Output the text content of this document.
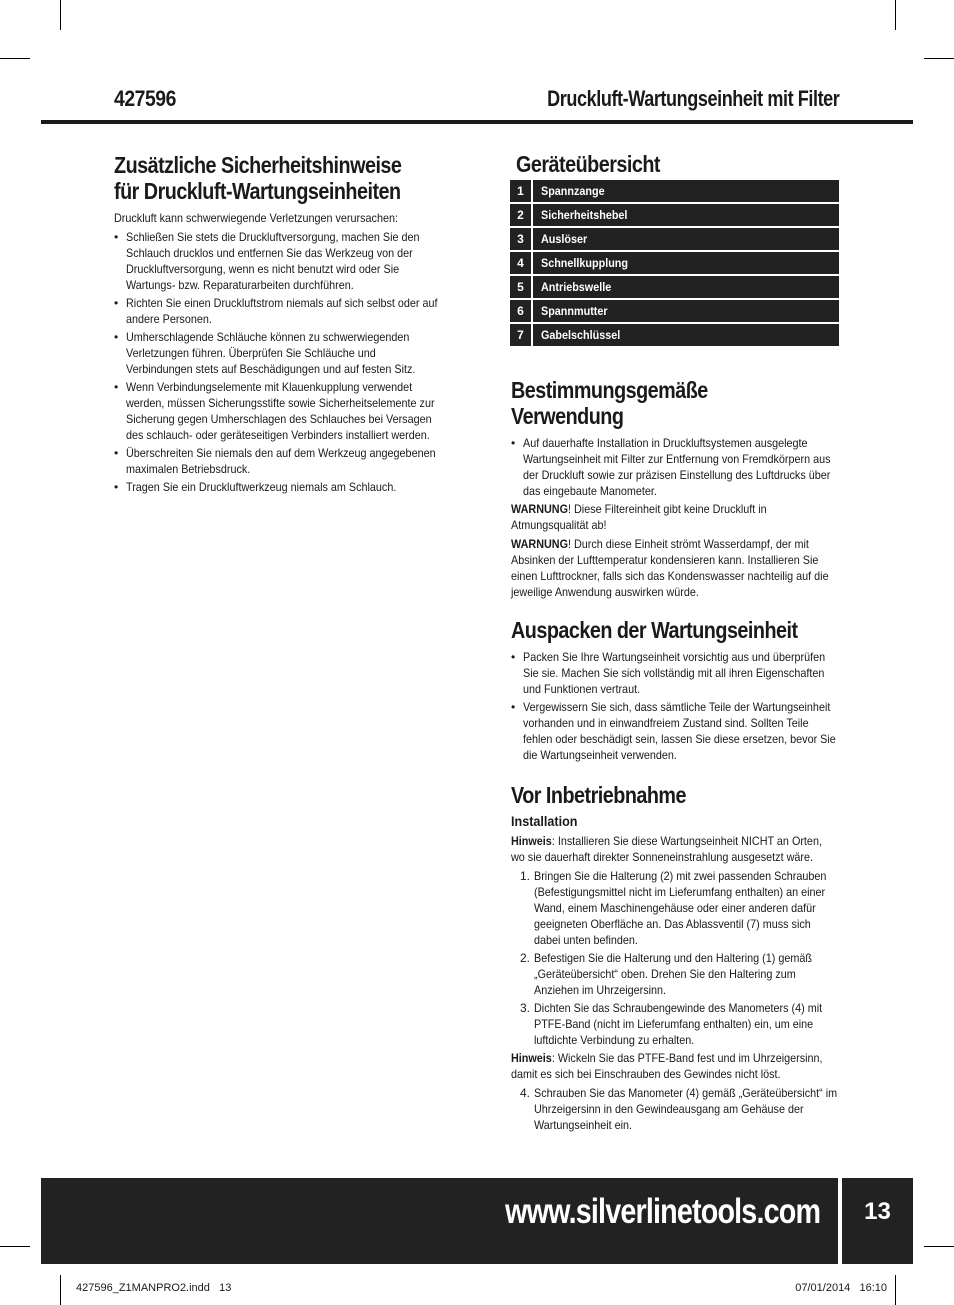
427596	Druckluft-Wartungseinheit mit Filter
Zusätzliche Sicherheitshinweise
für Druckluft-Wartungseinheiten

Druckluft kann schwerwiegende Verletzungen verursachen:

• Schließen Sie stets die Druckluftversorgung, machen Sie den Schlauch drucklos und entfernen Sie das Werkzeug von der Druckluftversorgung, wenn es nicht benutzt wird oder Sie Wartungs- bzw. Reparaturarbeiten durchführen.
• Richten Sie einen Druckluftstrom niemals auf sich selbst oder auf andere Personen.
• Umherschlagende Schläuche können zu schwerwiegenden Verletzungen führen. Überprüfen Sie Schläuche und Verbindungen stets auf Beschädigungen und auf festen Sitz.
• Wenn Verbindungselemente mit Klauenkupplung verwendet werden, müssen Sicherungsstifte sowie Sicherheitselemente zur Sicherung gegen Umherschlagen des Schlauches bei Versagen des schlauch- oder geräteseitigen Verbinders installiert werden.
• Überschreiten Sie niemals den auf dem Werkzeug angegebenen maximalen Betriebsdruck.
• Tragen Sie ein Druckluftwerkzeug niemals am Schlauch.
Geräteübersicht
1	Spannzange
2	Sicherheitshebel
3	Auslöser
4	Schnellkupplung
5	Antriebswelle
6	Spannmutter
7	Gabelschlüssel
Bestimmungsgemäße
Verwendung
• Auf dauerhafte Installation in Druckluftsystemen ausgelegte Wartungseinheit mit Filter zur Entfernung von Fremdkörpern aus der Druckluft sowie zur präzisen Einstellung des Luftdrucks über das eingebaute Manometer.

WARNUNG! Diese Filtereinheit gibt keine Druckluft in Atmungsqualität ab!

WARNUNG! Durch diese Einheit strömt Wasserdampf, der mit Absinken der Lufttemperatur kondensieren kann. Installieren Sie einen Lufttrockner, falls sich das Kondenswasser nachteilig auf die jeweilige Anwendung auswirken würde.

Auspacken der Wartungseinheit
• Packen Sie Ihre Wartungseinheit vorsichtig aus und überprüfen Sie sie. Machen Sie sich vollständig mit all ihren Eigenschaften und Funktionen vertraut.
• Vergewissern Sie sich, dass sämtliche Teile der Wartungseinheit vorhanden und in einwandfreiem Zustand sind. Sollten Teile fehlen oder beschädigt sein, lassen Sie diese ersetzen, bevor Sie die Wartungseinheit verwenden.
Vor Inbetriebnahme
Installation

Hinweis: Installieren Sie diese Wartungseinheit NICHT an Orten, wo sie dauerhaft direkter Sonneneinstrahlung ausgesetzt wäre.

1. Bringen Sie die Halterung (2) mit zwei passenden Schrauben (Befestigungsmittel nicht im Lieferumfang enthalten) an einer Wand, einem Maschinengehäuse oder einer anderen dafür geeigneten Oberfläche an. Das Ablassventil (7) muss sich dabei unten befinden.
2. Befestigen Sie die Halterung und den Haltering (1) gemäß „Geräteübersicht“ oben. Drehen Sie den Haltering zum Anziehen im Uhrzeigersinn.
3. Dichten Sie das Schraubengewinde des Manometers (4) mit PTFE-Band (nicht im Lieferumfang enthalten) ein, um eine luftdichte Verbindung zu erhalten.

Hinweis: Wickeln Sie das PTFE-Band fest und im Uhrzeigersinn, damit es sich bei Einschrauben des Gewindes nicht löst.

4. Schrauben Sie das Manometer (4) gemäß „Geräteübersicht“ im Uhrzeigersinn in den Gewindeausgang am Gehäuse der Wartungseinheit ein.
www.silverlinetools.com	13
427596_Z1MANPRO2.indd   13	07/01/2014   16:10
